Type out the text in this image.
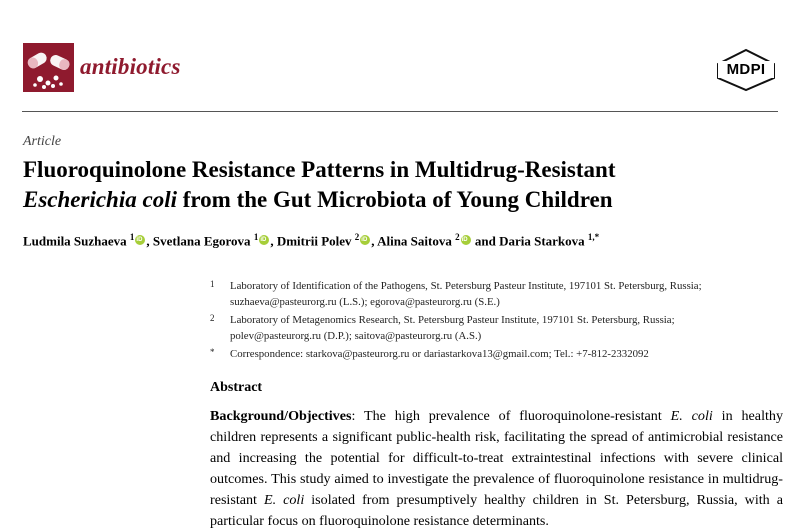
antibiotics	MDPI
Article
Fluoroquinolone Resistance Patterns in Multidrug-Resistant
Escherichia coli from the Gut Microbiota of Young Children
Ludmila Suzhaeva $^1$ iD , Svetlana Egorova $^1$ iD , Dmitrii Polev $^2$ iD , Alina Saitova $^2$iD and Daria Starkova $^{1,*}$
1 Laboratory of Identification of the Pathogens, St. Petersburg Pasteur Institute, 197101 St. Petersburg, Russia;
suzhaeva@pasteurorg.ru (L.S.); egorova@pasteurorg.ru (S.E.)
2 Laboratory of Metagenomics Research, St. Petersburg Pasteur Institute, 197101 St. Petersburg, Russia;
polev@pasteurorg.ru (D.P.); saitova@pasteurorg.ru (A.S.)
* Correspondence: starkova@pasteurorg.ru or dariastarkova13@gmail.com; Tel.: +7-812-2332092
Abstract
Background/Objectives: The high prevalence of fluoroquinolone-resistant E. coli in healthy children represents a significant public-health risk, facilitating the spread of antimicrobial resistance and increasing the potential for difficult-to-treat extraintestinal infections with severe clinical outcomes. This study aimed to investigate the prevalence of fluoroquinolone resistance in multidrug-resistant E. coli isolated from presumptively healthy children in St. Petersburg, Russia, with a particular focus on fluoroquinolone resistance determinants.
